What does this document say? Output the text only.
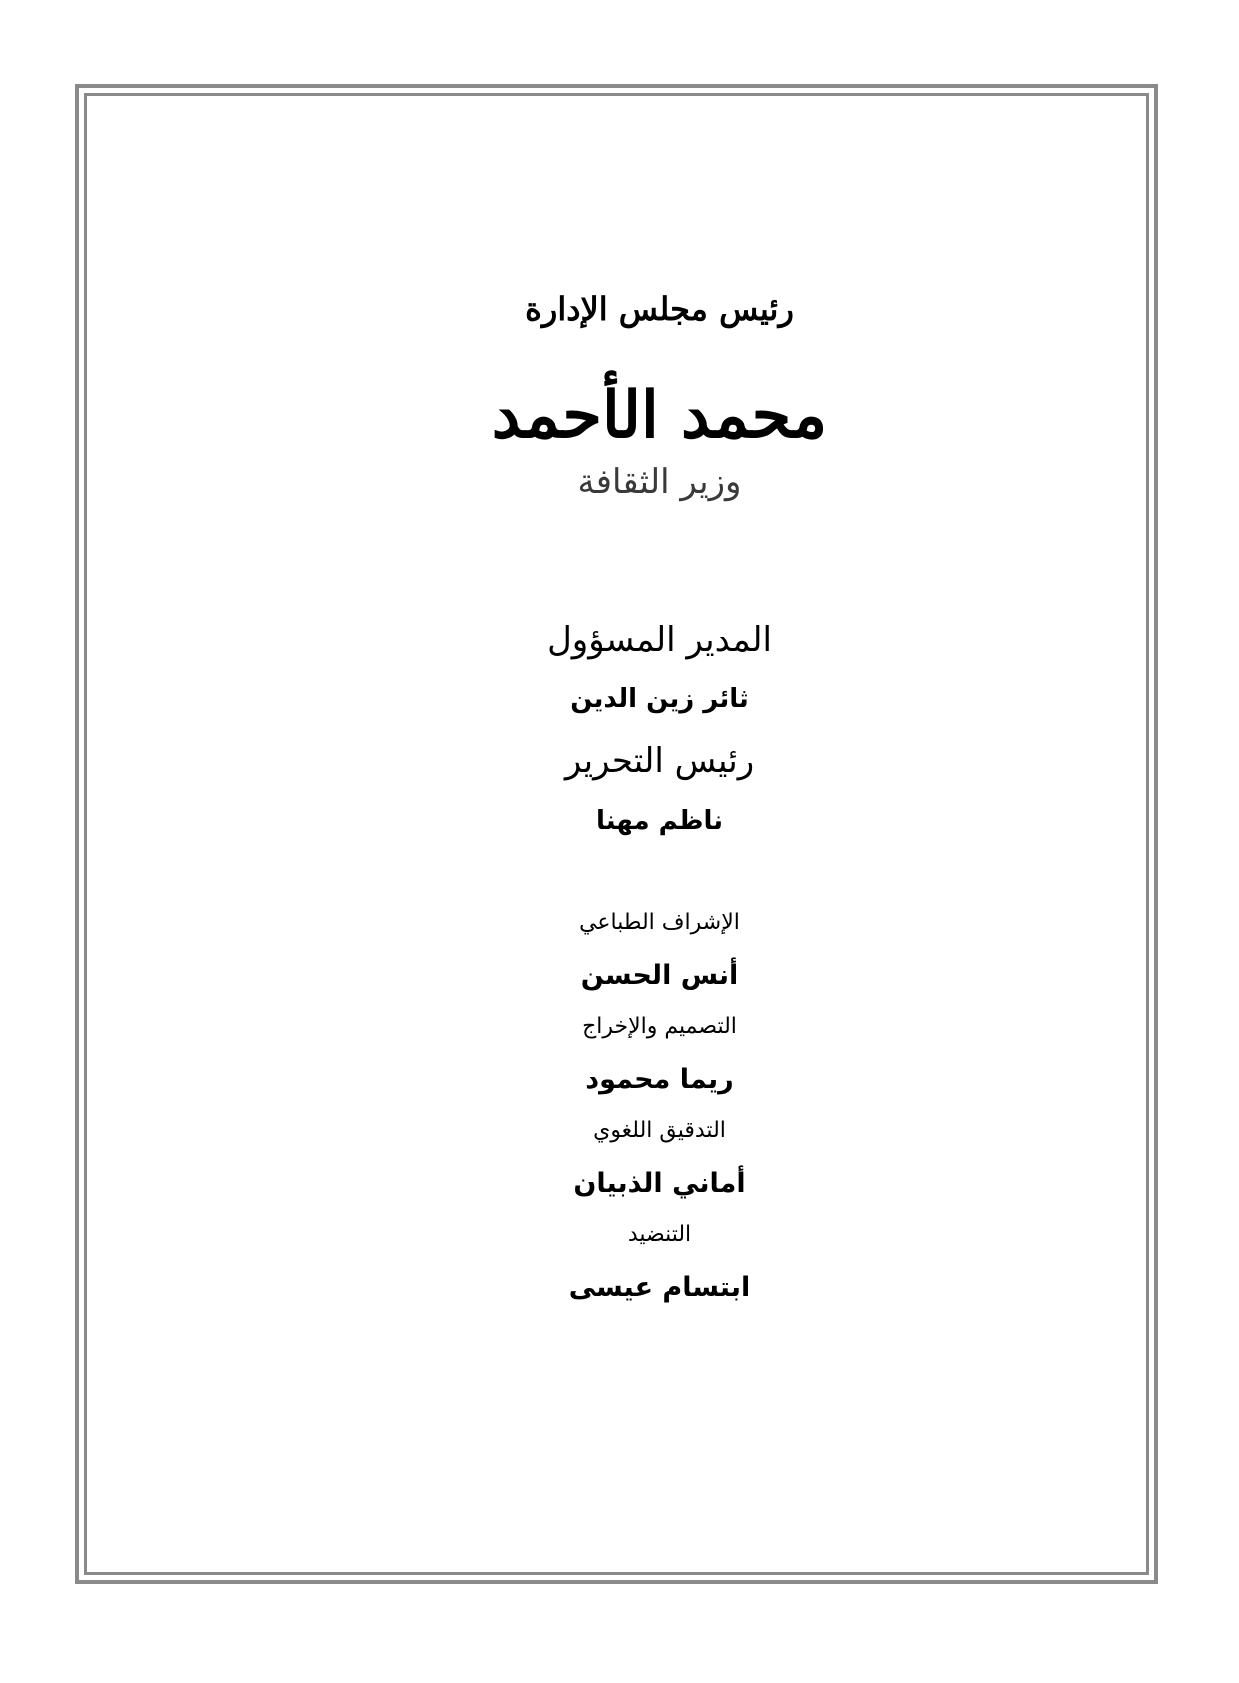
رئيس مجلس الإدارة
محمد الأحمد
وزير الثقافة
المدير المسؤول
ثائر زين الدين
رئيس التحرير
ناظم مهنا
الإشراف الطباعي
أنس الحسن
التصميم والإخراج
ريما محمود
التدقيق اللغوي
أماني الذبيان
التنضيد
ابتسام عيسى
